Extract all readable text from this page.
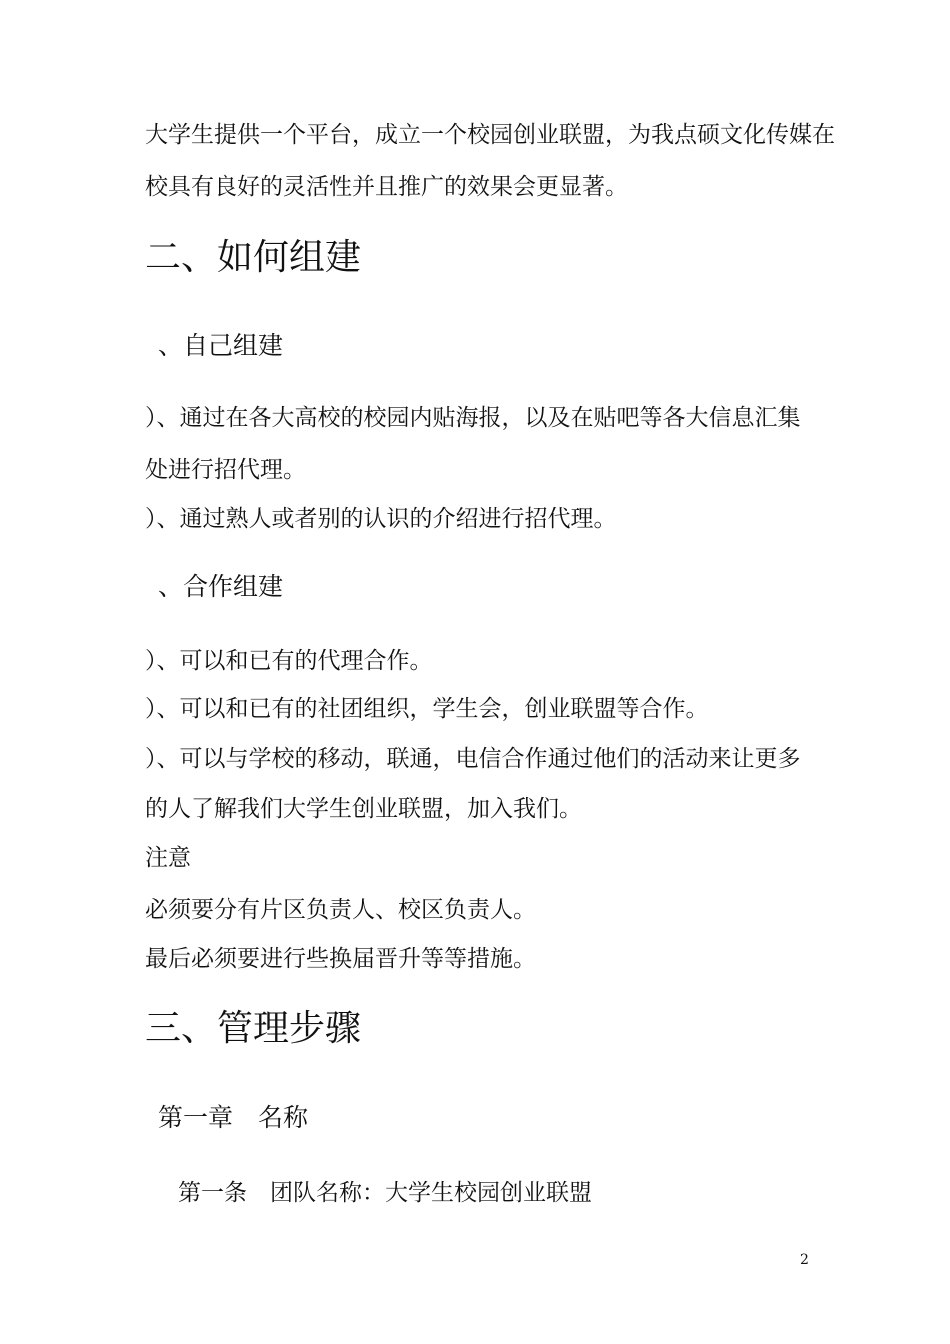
大学生提供一个平台，成立一个校园创业联盟，为我点硕文化传媒在
校具有良好的灵活性并且推广的效果会更显著。
二、如何组建
、自己组建
）、通过在各大高校的校园内贴海报，以及在贴吧等各大信息汇集
处进行招代理。
）、通过熟人或者别的认识的介绍进行招代理。
、合作组建
）、可以和已有的代理合作。
）、可以和已有的社团组织，学生会，创业联盟等合作。
）、可以与学校的移动，联通，电信合作通过他们的活动来让更多
的人了解我们大学生创业联盟，加入我们。
注意
必须要分有片区负责人、校区负责人。
最后必须要进行些换届晋升等等措施。
三、管理步骤
第一章　名称
第一条　团队名称：大学生校园创业联盟
2
